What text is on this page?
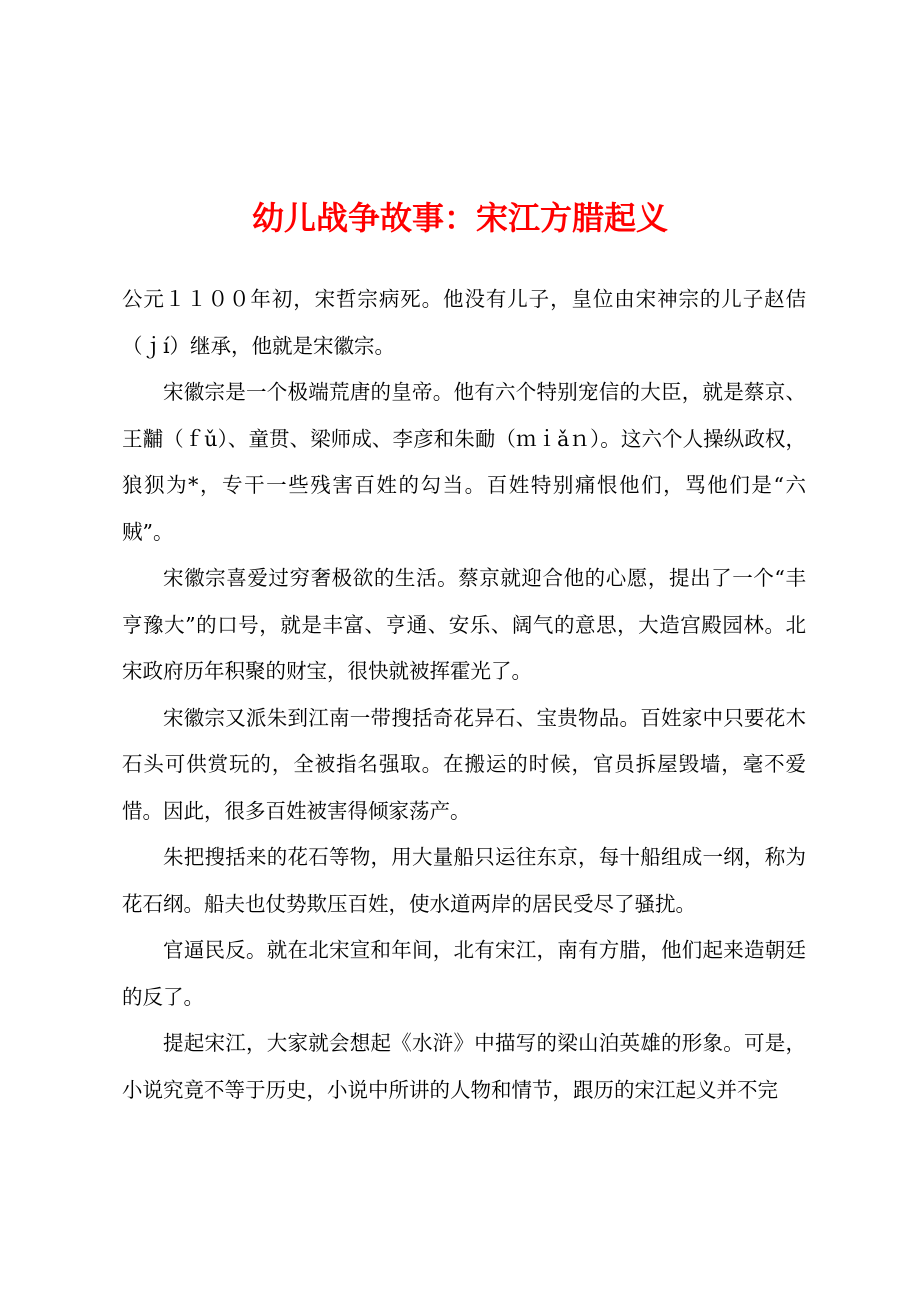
幼儿战争故事：宋江方腊起义

公元１１００年初，宋哲宗病死。他没有儿子，皇位由宋神宗的儿子赵佶（ｊí）继承，他就是宋徽宗。

宋徽宗是一个极端荒唐的皇帝。他有六个特别宠信的大臣，就是蔡京、王黼（ｆǔ）、童贯、梁师成、李彦和朱勔（ｍｉǎｎ）。这六个人操纵政权，狼狈为*，专干一些残害百姓的勾当。百姓特别痛恨他们，骂他们是“六贼”。

宋徽宗喜爱过穷奢极欲的生活。蔡京就迎合他的心愿，提出了一个“丰亨豫大”的口号，就是丰富、亨通、安乐、阔气的意思，大造宫殿园林。北宋政府历年积聚的财宝，很快就被挥霍光了。

宋徽宗又派朱到江南一带搜括奇花异石、宝贵物品。百姓家中只要花木石头可供赏玩的，全被指名强取。在搬运的时候，官员拆屋毁墙，毫不爱惜。因此，很多百姓被害得倾家荡产。

朱把搜括来的花石等物，用大量船只运往东京，每十船组成一纲，称为花石纲。船夫也仗势欺压百姓，使水道两岸的居民受尽了骚扰。

官逼民反。就在北宋宣和年间，北有宋江，南有方腊，他们起来造朝廷的反了。

提起宋江，大家就会想起《水浒》中描写的梁山泊英雄的形象。可是，小说究竟不等于历史，小说中所讲的人物和情节，跟历的宋江起义并不完
